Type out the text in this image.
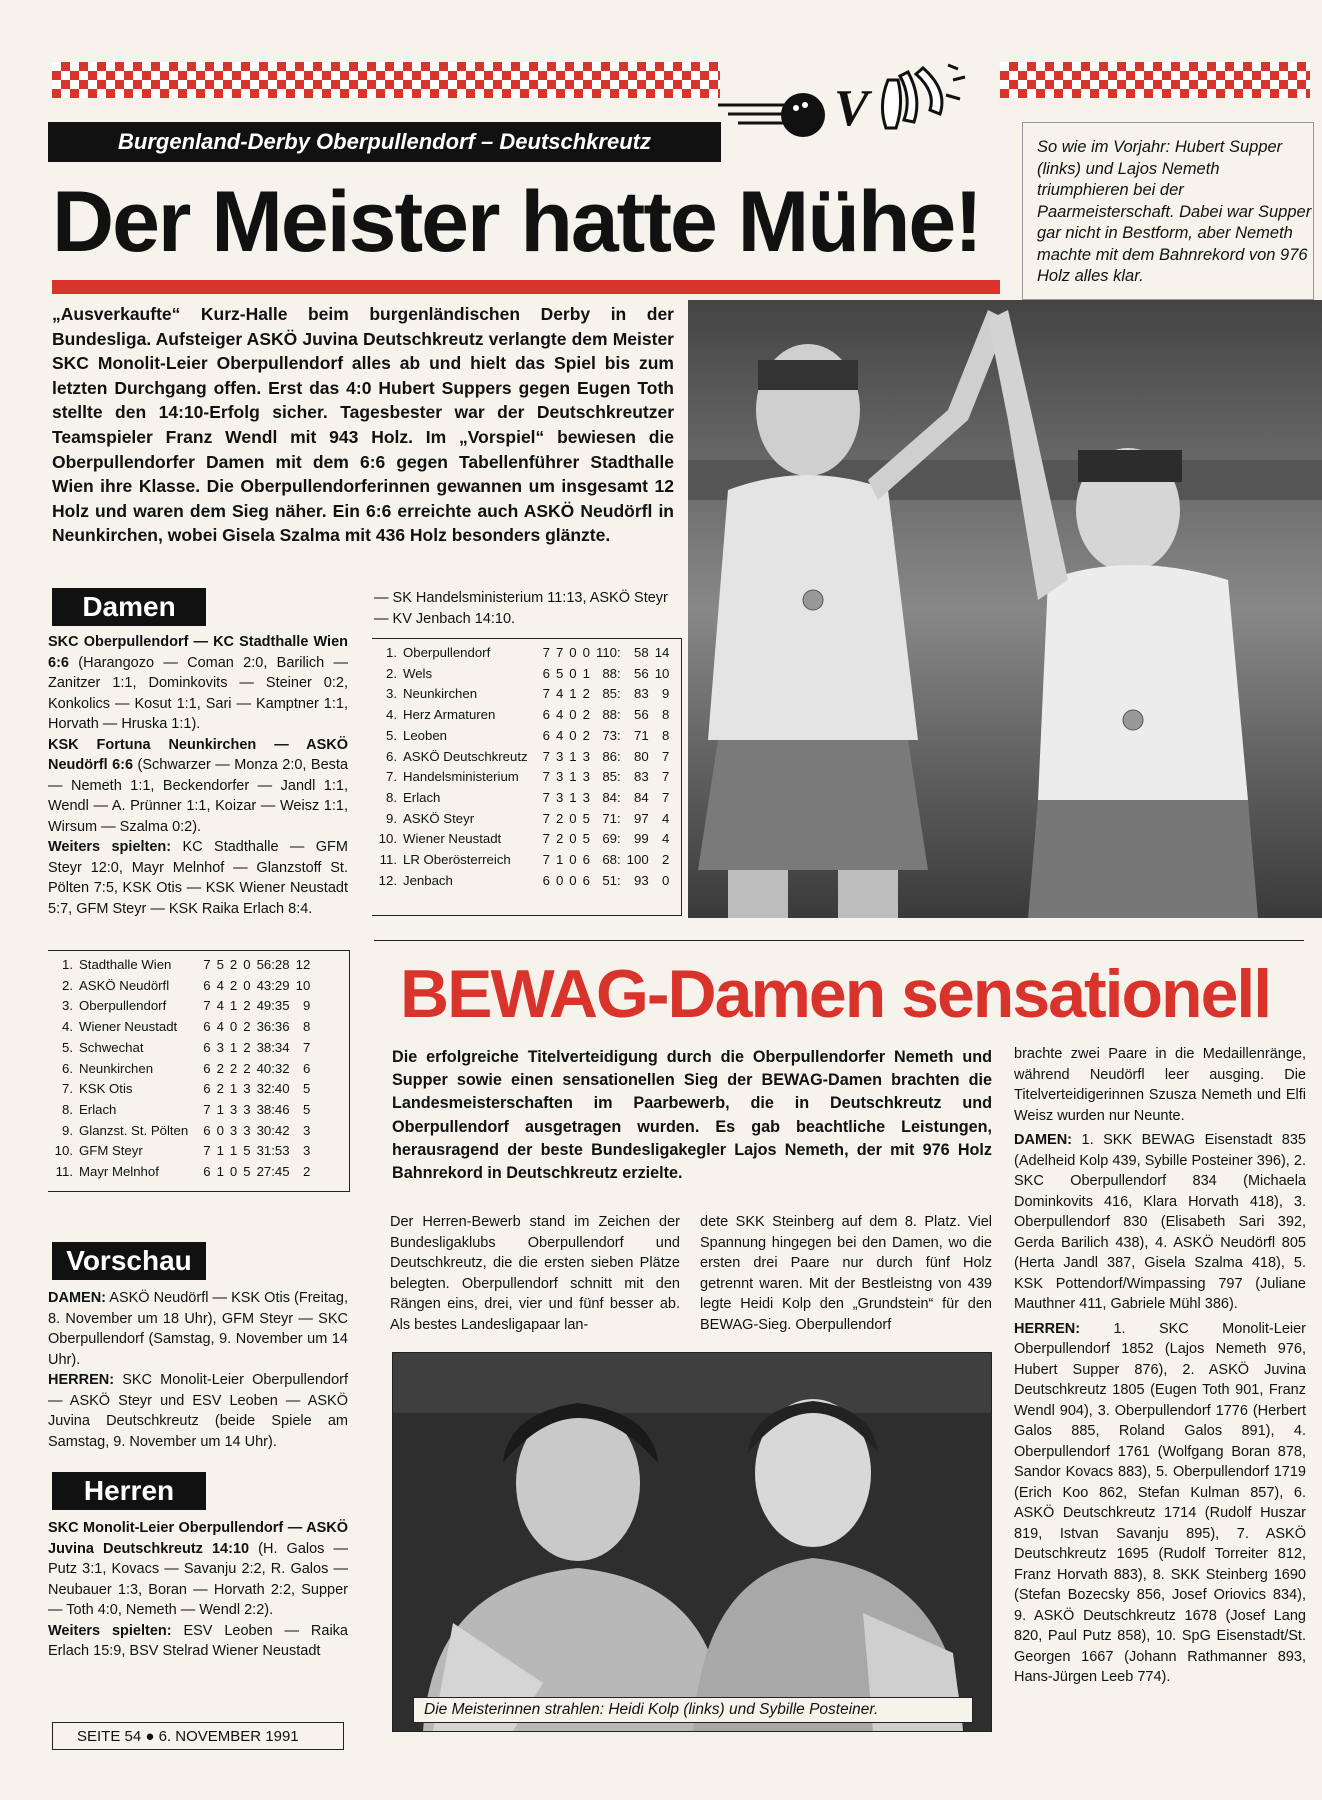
V
Burgenland-Derby Oberpullendorf – Deutschkreutz
Der Meister hatte Mühe!
So wie im Vorjahr: Hubert Supper (links) und Lajos Nemeth triumphieren bei der Paarmeisterschaft. Dabei war Supper gar nicht in Bestform, aber Nemeth machte mit dem Bahnrekord von 976 Holz alles klar.
„Ausverkaufte“ Kurz-Halle beim burgenländischen Derby in der Bundesliga. Aufsteiger ASKÖ Juvina Deutschkreutz verlangte dem Meister SKC Monolit-Leier Oberpullendorf alles ab und hielt das Spiel bis zum letzten Durchgang offen. Erst das 4:0 Hubert Suppers gegen Eugen Toth stellte den 14:10-Erfolg sicher. Tagesbester war der Deutschkreutzer Teamspieler Franz Wendl mit 943 Holz. Im „Vorspiel“ bewiesen die Oberpullendorfer Damen mit dem 6:6 gegen Tabellenführer Stadthalle Wien ihre Klasse. Die Oberpullendorferinnen gewannen um insgesamt 12 Holz und waren dem Sieg näher. Ein 6:6 erreichte auch ASKÖ Neudörfl in Neunkirchen, wobei Gisela Szalma mit 436 Holz besonders glänzte.
Damen
SKC Oberpullendorf — KC Stadthalle Wien 6:6 (Harangozo — Coman 2:0, Barilich — Zanitzer 1:1, Dominkovits — Steiner 0:2, Konkolics — Kosut 1:1, Sari — Kamptner 1:1, Horvath — Hruska 1:1).
KSK Fortuna Neunkirchen — ASKÖ Neudörfl 6:6 (Schwarzer — Monza 2:0, Besta — Nemeth 1:1, Beckendorfer — Jandl 1:1, Wendl — A. Prünner 1:1, Koizar — Weisz 1:1, Wirsum — Szalma 0:2).
Weiters spielten: KC Stadthalle — GFM Steyr 12:0, Mayr Melnhof — Glanzstoff St. Pölten 7:5, KSK Otis — KSK Wiener Neustadt 5:7, GFM Steyr — KSK Raika Erlach 8:4.
— SK Handelsministerium 11:13, ASKÖ Steyr — KV Jenbach 14:10.
1.	Oberpullendorf	7	7	0	0	110:	58	14
2.	Wels	6	5	0	1	88:	56	10
3.	Neunkirchen	7	4	1	2	85:	83	9
4.	Herz Armaturen	6	4	0	2	88:	56	8
5.	Leoben	6	4	0	2	73:	71	8
6.	ASKÖ Deutschkreutz	7	3	1	3	86:	80	7
7.	Handelsministerium	7	3	1	3	85:	83	7
8.	Erlach	7	3	1	3	84:	84	7
9.	ASKÖ Steyr	7	2	0	5	71:	97	4
10.	Wiener Neustadt	7	2	0	5	69:	99	4
11.	LR Oberösterreich	7	1	0	6	68:	100	2
12.	Jenbach	6	0	0	6	51:	93	0
1.	Stadthalle Wien	7	5	2	0	56:28	12
2.	ASKÖ Neudörfl	6	4	2	0	43:29	10
3.	Oberpullendorf	7	4	1	2	49:35	9
4.	Wiener Neustadt	6	4	0	2	36:36	8
5.	Schwechat	6	3	1	2	38:34	7
6.	Neunkirchen	6	2	2	2	40:32	6
7.	KSK Otis	6	2	1	3	32:40	5
8.	Erlach	7	1	3	3	38:46	5
9.	Glanzst. St. Pölten	6	0	3	3	30:42	3
10.	GFM Steyr	7	1	1	5	31:53	3
11.	Mayr Melnhof	6	1	0	5	27:45	2
Vorschau
DAMEN: ASKÖ Neudörfl — KSK Otis (Freitag, 8. November um 18 Uhr), GFM Steyr — SKC Oberpullendorf (Samstag, 9. November um 14 Uhr).
HERREN: SKC Monolit-Leier Oberpullendorf — ASKÖ Steyr und ESV Leoben — ASKÖ Juvina Deutschkreutz (beide Spiele am Samstag, 9. November um 14 Uhr).
Herren
SKC Monolit-Leier Oberpullendorf — ASKÖ Juvina Deutschkreutz 14:10 (H. Galos — Putz 3:1, Kovacs — Savanju 2:2, R. Galos — Neubauer 1:3, Boran — Horvath 2:2, Supper — Toth 4:0, Nemeth — Wendl 2:2).
Weiters spielten: ESV Leoben — Raika Erlach 15:9, BSV Stelrad Wiener Neustadt
SEITE 54 ● 6. NOVEMBER 1991
BEWAG-Damen sensationell
Die erfolgreiche Titelverteidigung durch die Oberpullendorfer Nemeth und Supper sowie einen sensationellen Sieg der BEWAG-Damen brachten die Landesmeisterschaften im Paarbewerb, die in Deutschkreutz und Oberpullendorf ausgetragen wurden. Es gab beachtliche Leistungen, herausragend der beste Bundesligakegler Lajos Nemeth, der mit 976 Holz Bahnrekord in Deutschkreutz erzielte.
Der Herren-Bewerb stand im Zeichen der Bundesligaklubs Oberpullendorf und Deutschkreutz, die die ersten sieben Plätze belegten. Oberpullendorf schnitt mit den Rängen eins, drei, vier und fünf besser ab. Als bestes Landesligapaar lan-
dete SKK Steinberg auf dem 8. Platz. Viel Spannung hingegen bei den Damen, wo die ersten drei Paare nur durch fünf Holz getrennt waren. Mit der Bestleistng von 439 legte Heidi Kolp den „Grundstein“ für den BEWAG-Sieg. Oberpullendorf
brachte zwei Paare in die Medaillenränge, während Neudörfl leer ausging. Die Titelverteidigerinnen Szusza Nemeth und Elfi Weisz wurden nur Neunte.
DAMEN: 1. SKK BEWAG Eisenstadt 835 (Adelheid Kolp 439, Sybille Posteiner 396), 2. SKC Oberpullendorf 834 (Michaela Dominkovits 416, Klara Horvath 418), 3. Oberpullendorf 830 (Elisabeth Sari 392, Gerda Barilich 438), 4. ASKÖ Neudörfl 805 (Herta Jandl 387, Gisela Szalma 418), 5. KSK Pottendorf/Wimpassing 797 (Juliane Mauthner 411, Gabriele Mühl 386).
HERREN: 1. SKC Monolit-Leier Oberpullendorf 1852 (Lajos Nemeth 976, Hubert Supper 876), 2. ASKÖ Juvina Deutschkreutz 1805 (Eugen Toth 901, Franz Wendl 904), 3. Oberpullendorf 1776 (Herbert Galos 885, Roland Galos 891), 4. Oberpullendorf 1761 (Wolfgang Boran 878, Sandor Kovacs 883), 5. Oberpullendorf 1719 (Erich Koo 862, Stefan Kulman 857), 6. ASKÖ Deutschkreutz 1714 (Rudolf Huszar 819, Istvan Savanju 895), 7. ASKÖ Deutschkreutz 1695 (Rudolf Torreiter 812, Franz Horvath 883), 8. SKK Steinberg 1690 (Stefan Bozecsky 856, Josef Oriovics 834), 9. ASKÖ Deutschkreutz 1678 (Josef Lang 820, Paul Putz 858), 10. SpG Eisenstadt/St. Georgen 1667 (Johann Rathmanner 893, Hans-Jürgen Leeb 774).
Die Meisterinnen strahlen: Heidi Kolp (links) und Sybille Posteiner.
